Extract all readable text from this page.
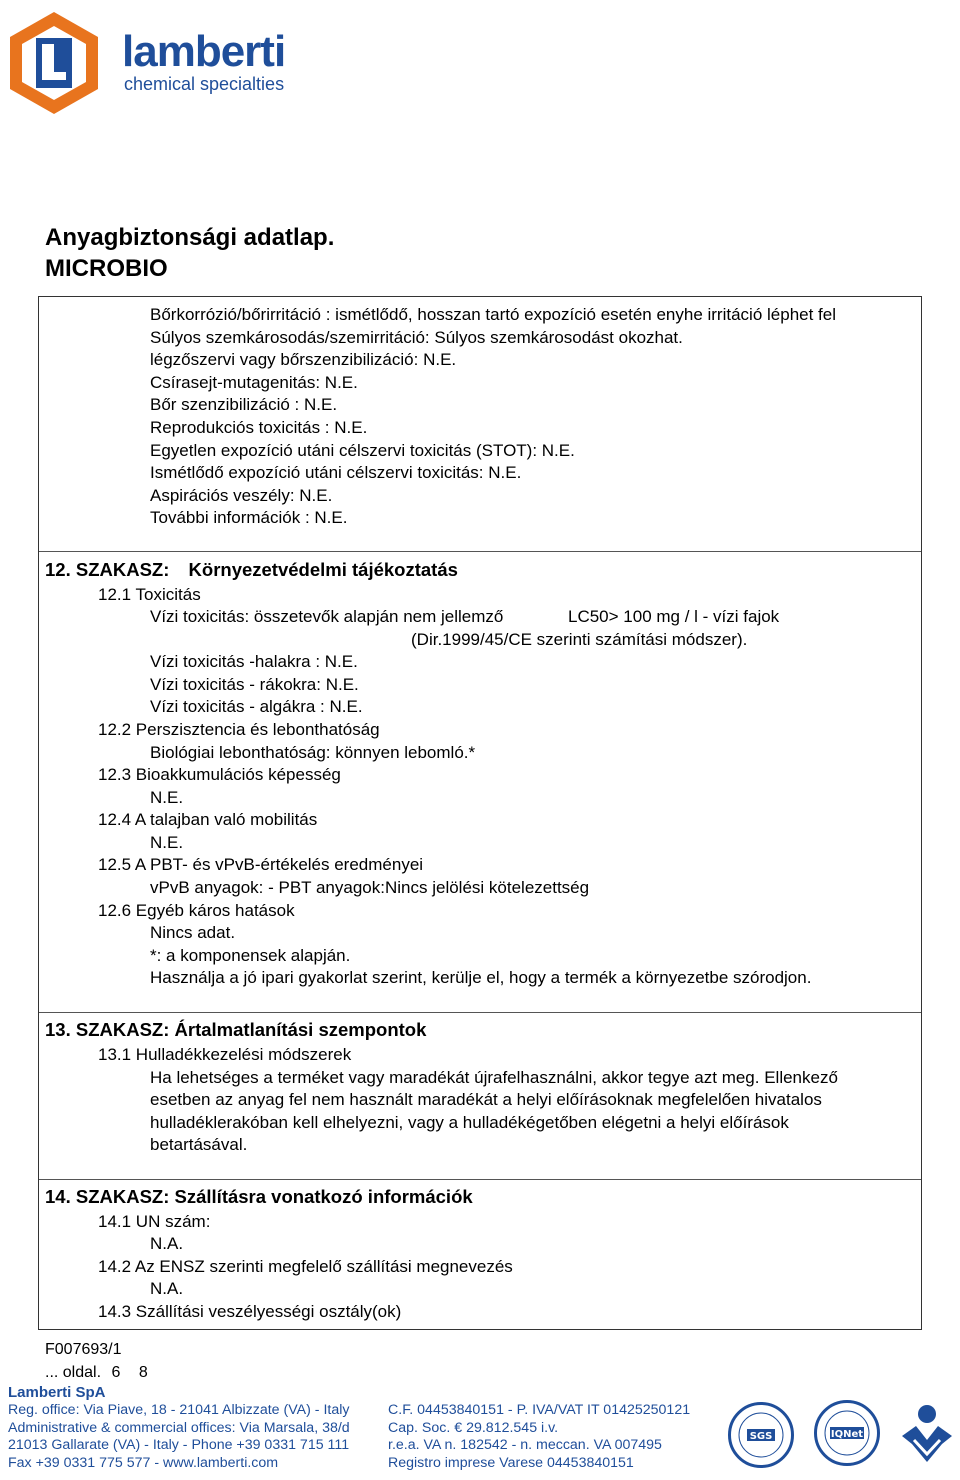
lamberti
chemical specialties
Anyagbiztonsági adatlap.
MICROBIO
Bőrkorrózió/bőrirritáció : ismétlődő, hosszan tartó expozíció esetén enyhe irritáció léphet fel
Súlyos szemkárosodás/szemirritáció: Súlyos szemkárosodást okozhat.
légzőszervi vagy bőrszenzibilizáció: N.E.
Csírasejt-mutagenitás: N.E.
Bőr szenzibilizáció : N.E.
Reprodukciós toxicitás : N.E.
Egyetlen expozíció utáni célszervi toxicitás (STOT): N.E.
Ismétlődő expozíció utáni célszervi toxicitás: N.E.
Aspirációs veszély: N.E.
További információk : N.E.
12. SZAKASZ: Környezetvédelmi tájékoztatás
12.1 Toxicitás
Vízi toxicitás: összetevők alapján nem jellemző	LC50> 100 mg / l - vízi fajok
(Dir.1999/45/CE szerinti számítási módszer).
Vízi toxicitás -halakra : N.E.
Vízi toxicitás - rákokra: N.E.
Vízi toxicitás - algákra : N.E.
12.2 Perszisztencia és lebonthatóság
Biológiai lebonthatóság: könnyen lebomló.*
12.3 Bioakkumulációs képesség
N.E.
12.4 A talajban való mobilitás
N.E.
12.5 A PBT- és vPvB-értékelés eredményei
vPvB anyagok: - PBT anyagok:Nincs jelölési kötelezettség
12.6 Egyéb káros hatások
Nincs adat.
*: a komponensek alapján.
Használja a jó ipari gyakorlat szerint, kerülje el, hogy a termék a környezetbe szórodjon.
13. SZAKASZ: Ártalmatlanítási szempontok
13.1 Hulladékkezelési módszerek
Ha lehetséges a terméket vagy maradékát újrafelhasználni, akkor tegye azt meg. Ellenkező
esetben az anyag fel nem használt maradékát a helyi előírásoknak megfelelően hivatalos
hulladéklerakóban kell elhelyezni, vagy a hulladékégetőben elégetni a helyi előírások
betartásával.
14. SZAKASZ: Szállításra vonatkozó információk
14.1 UN szám:
N.A.
14.2 Az ENSZ szerinti megfelelő szállítási megnevezés
N.A.
14.3 Szállítási veszélyességi osztály(ok)
F007693/1
... oldal. 6 8
Lamberti SpA
Reg. office: Via Piave, 18 - 21041 Albizzate (VA) - Italy
Administrative & commercial offices: Via Marsala, 38/d
21013 Gallarate (VA) - Italy - Phone +39 0331 715 111
Fax +39 0331 775 577 - www.lamberti.com
C.F. 04453840151 - P. IVA/VAT IT 01425250121
Cap. Soc. € 29.812.545 i.v.
r.e.a. VA n. 182542 - n. meccan. VA 007495
Registro imprese Varese 04453840151
SGS	IQNet
